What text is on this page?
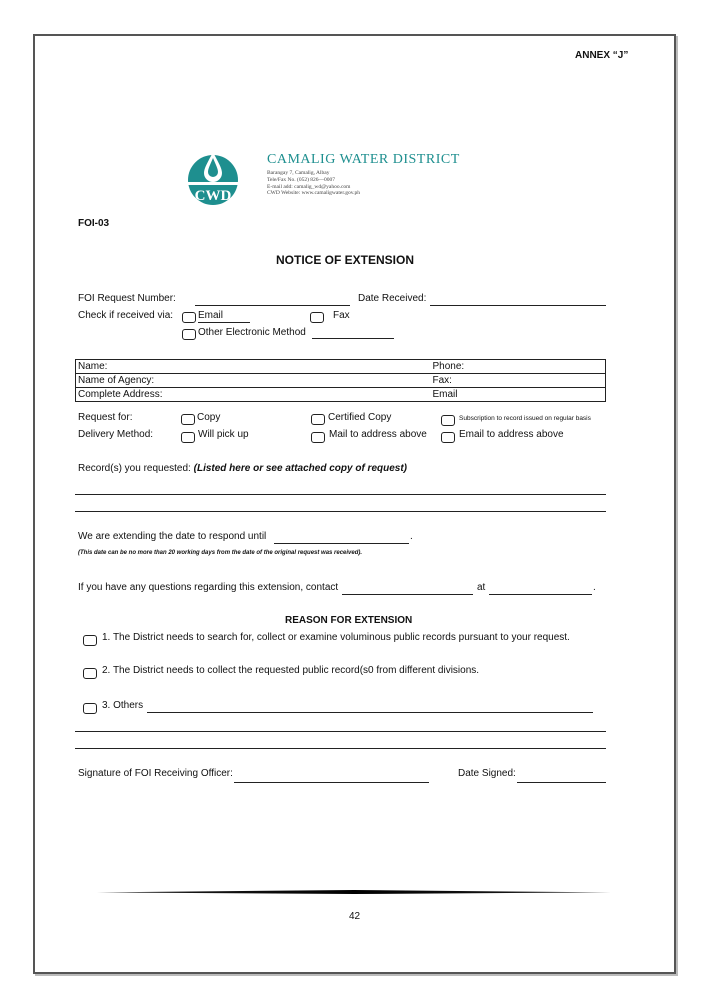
ANNEX “J”
CWD
CAMALIG WATER DISTRICT
Barangay 7, Camalig, Albay
Tele/Fax No. (052) 826—0007
E-mail add: camalig_wd@yahoo.com
CWD Website: www.camaligwater.gov.ph
FOI-03
NOTICE OF EXTENSION
FOI Request Number:	Date Received:
Check if received via: Email	Fax
Other Electronic Method
Name:	Phone:
Name of Agency:	Fax:
Complete Address:	Email
Request for:	Copy	Certified Copy	Subscription to record issued on regular basis
Delivery Method:	Will pick up	Mail to address above	Email to address above
Record(s) you requested: (Listed here or see attached copy of request)
We are extending the date to respond until	.
(This date can be no more than 20 working days from the date of the original request was received).
If you have any questions regarding this extension, contact	at	.
REASON FOR EXTENSION
1. The District needs to search for, collect or examine voluminous public records pursuant to your request.
2. The District needs to collect the requested public record(s0 from different divisions.
3. Others
Signature of FOI Receiving Officer:	Date Signed:
42
